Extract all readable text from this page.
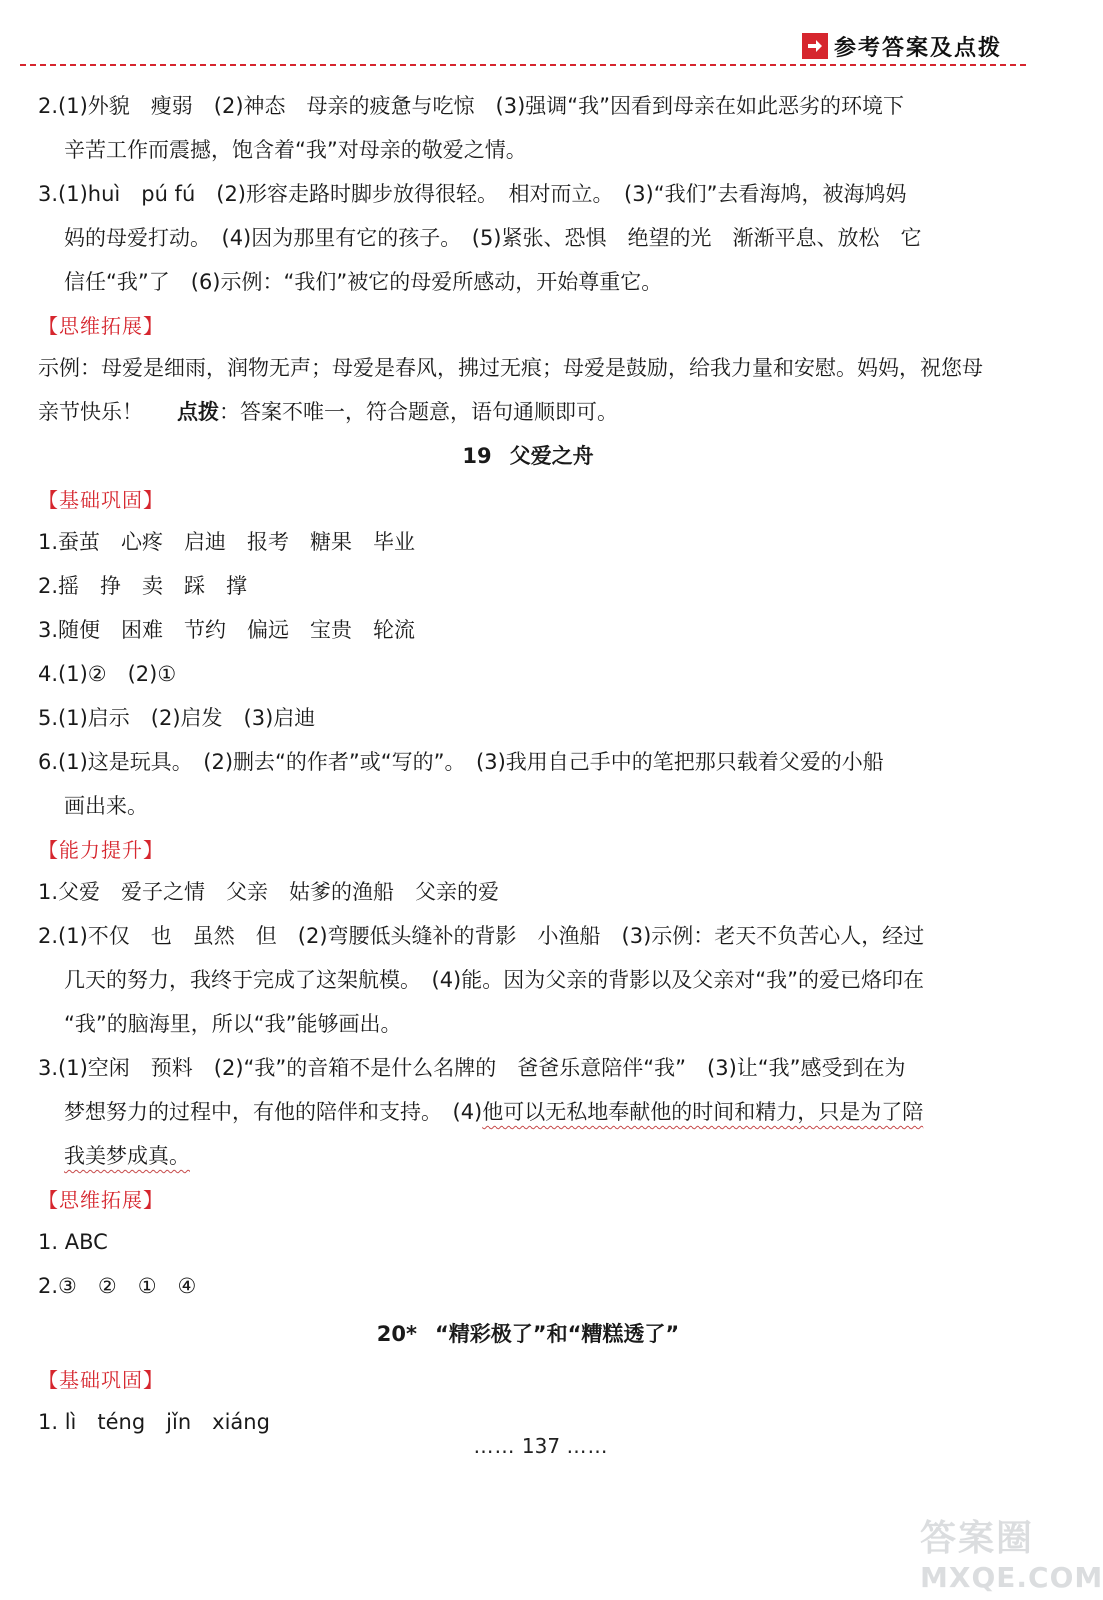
参考答案及点拨
2.(1)外貌　瘦弱　(2)神态　母亲的疲惫与吃惊　(3)强调“我”因看到母亲在如此恶劣的环境下
辛苦工作而震撼，饱含着“我”对母亲的敬爱之情。
3.(1)huì　pú fú　(2)形容走路时脚步放得很轻。　相对而立。　(3)“我们”去看海鸠，被海鸠妈
妈的母爱打动。　(4)因为那里有它的孩子。　(5)紧张、恐惧　绝望的光　渐渐平息、放松　它
信任“我”了　(6)示例：“我们”被它的母爱所感动，开始尊重它。
【思维拓展】
示例：母爱是细雨，润物无声；母爱是春风，拂过无痕；母爱是鼓励，给我力量和安慰。妈妈，祝您母
亲节快乐！ 点拨：答案不唯一，符合题意，语句通顺即可。
19 父爱之舟
【基础巩固】
1.蚕茧　心疼　启迪　报考　糖果　毕业
2.摇　挣　卖　踩　撑
3.随便　困难　节约　偏远　宝贵　轮流
4.(1)②　(2)①
5.(1)启示　(2)启发　(3)启迪
6.(1)这是玩具。　(2)删去“的作者”或“写的”。　(3)我用自己手中的笔把那只载着父爱的小船
画出来。
【能力提升】
1.父爱　爱子之情　父亲　姑爹的渔船　父亲的爱
2.(1)不仅　也　虽然　但　(2)弯腰低头缝补的背影　小渔船　(3)示例：老天不负苦心人，经过
几天的努力，我终于完成了这架航模。　(4)能。因为父亲的背影以及父亲对“我”的爱已烙印在
“我”的脑海里，所以“我”能够画出。
3.(1)空闲　预料　(2)“我”的音箱不是什么名牌的　爸爸乐意陪伴“我”　(3)让“我”感受到在为
梦想努力的过程中，有他的陪伴和支持。　(4)他可以无私地奉献他的时间和精力，只是为了陪
我美梦成真。
【思维拓展】
1. ABC
2.③　②　①　④
20* “精彩极了”和“糟糕透了”
【基础巩固】
1. lì　téng　jǐn　xiáng
…… 137 ……
答案圈
MXQE.COM
